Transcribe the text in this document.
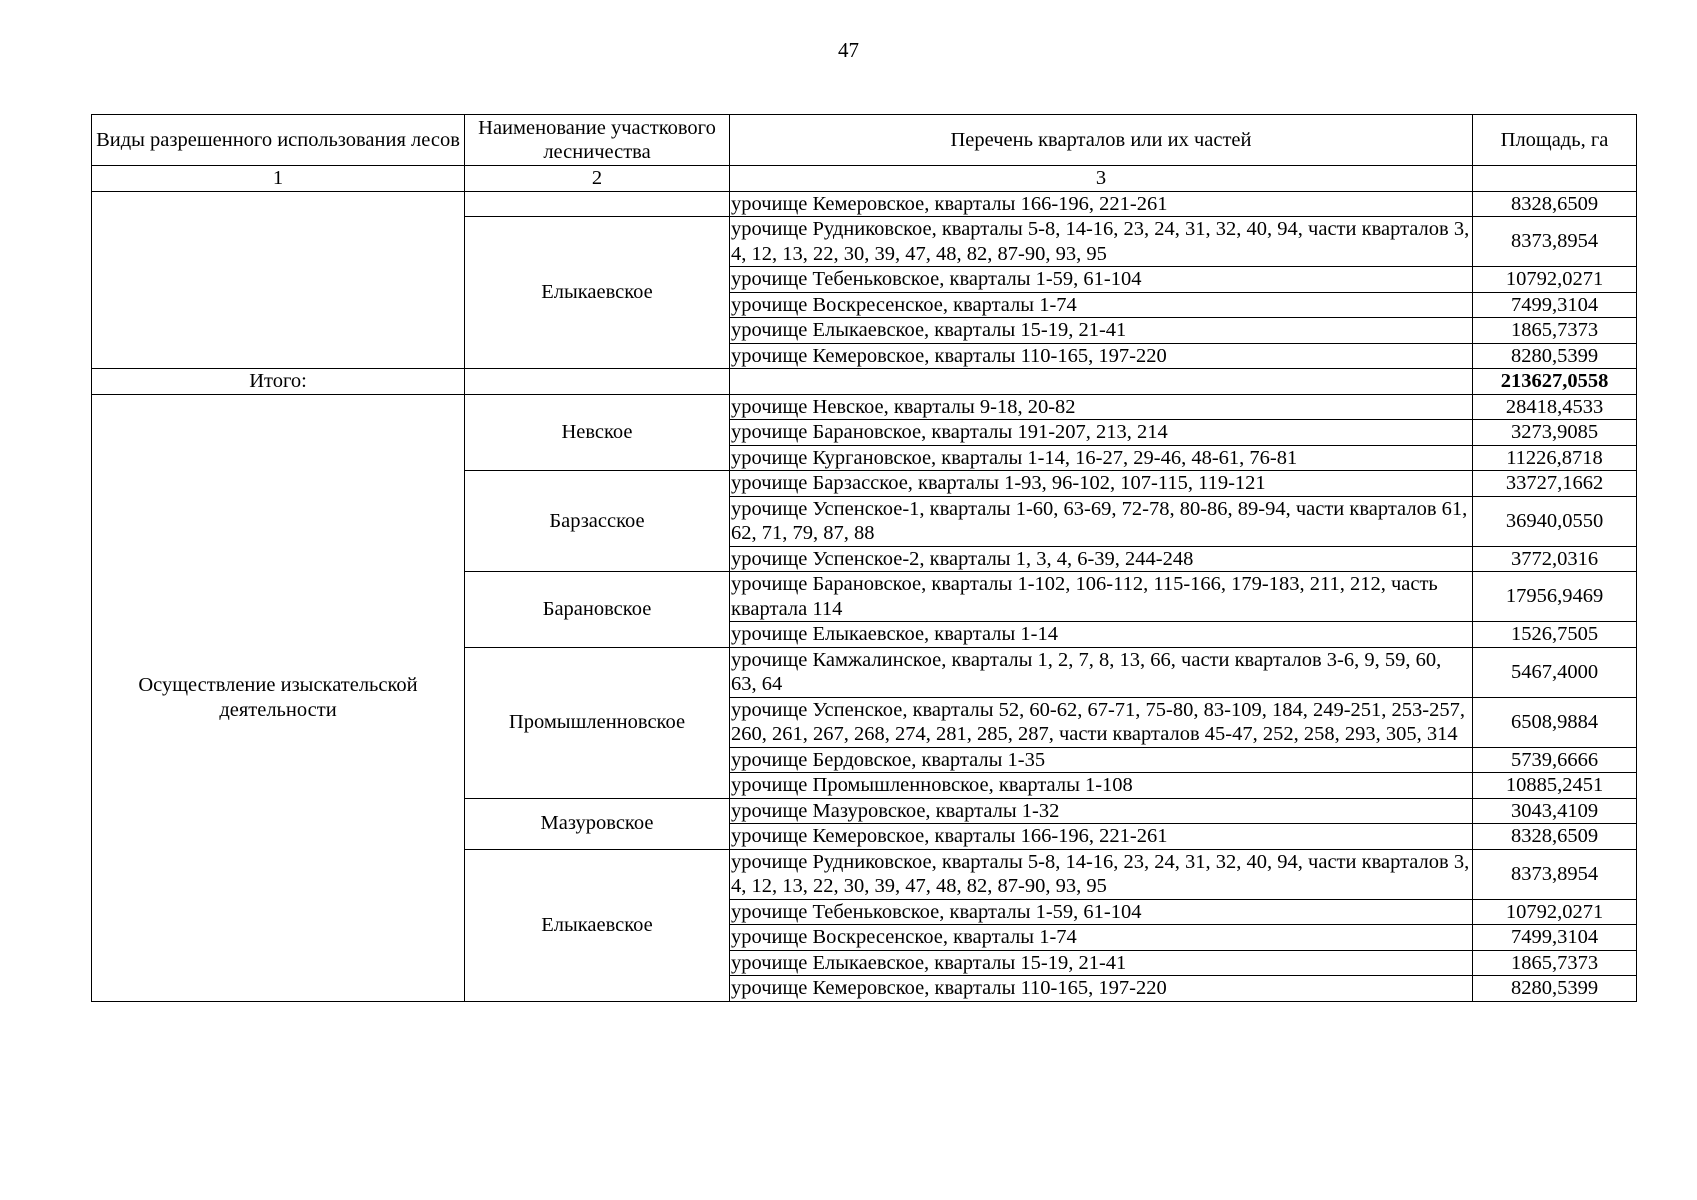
47
Виды разрешенного использования лесов	Наименование участкового лесничества	Перечень кварталов или их частей	Площадь, га
1	2	3	
		урочище Кемеровское, кварталы 166-196, 221-261	8328,6509
	Елыкаевское	урочище Рудниковское, кварталы 5-8, 14-16, 23, 24, 31, 32, 40, 94, части кварталов 3, 4, 12, 13, 22, 30, 39, 47, 48, 82, 87-90, 93, 95	8373,8954
		урочище Тебеньковское, кварталы 1-59, 61-104	10792,0271
		урочище Воскресенское, кварталы 1-74	7499,3104
		урочище Елыкаевское, кварталы 15-19, 21-41	1865,7373
		урочище Кемеровское, кварталы 110-165, 197-220	8280,5399
Итого:			213627,0558
Осуществление изыскательской деятельности	Невское	урочище Невское, кварталы 9-18, 20-82	28418,4533
		урочище Барановское, кварталы 191-207, 213, 214	3273,9085
		урочище Кургановское, кварталы 1-14, 16-27, 29-46, 48-61, 76-81	11226,8718
	Барзасское	урочище Барзасское, кварталы 1-93, 96-102, 107-115, 119-121	33727,1662
		урочище Успенское-1, кварталы 1-60, 63-69, 72-78, 80-86, 89-94, части кварталов 61, 62, 71, 79, 87, 88	36940,0550
		урочище Успенское-2, кварталы 1, 3, 4, 6-39, 244-248	3772,0316
	Барановское	урочище Барановское, кварталы 1-102, 106-112, 115-166, 179-183, 211, 212, часть квартала 114	17956,9469
		урочище Елыкаевское, кварталы 1-14	1526,7505
	Промышленновское	урочище Камжалинское, кварталы 1, 2, 7, 8, 13, 66, части кварталов 3-6, 9, 59, 60, 63, 64	5467,4000
		урочище Успенское, кварталы 52, 60-62, 67-71, 75-80, 83-109, 184, 249-251, 253-257, 260, 261, 267, 268, 274, 281, 285, 287, части кварталов 45-47, 252, 258, 293, 305, 314	6508,9884
		урочище Бердовское, кварталы 1-35	5739,6666
		урочище Промышленновское, кварталы 1-108	10885,2451
	Мазуровское	урочище Мазуровское, кварталы 1-32	3043,4109
		урочище Кемеровское, кварталы 166-196, 221-261	8328,6509
	Елыкаевское	урочище Рудниковское, кварталы 5-8, 14-16, 23, 24, 31, 32, 40, 94, части кварталов 3, 4, 12, 13, 22, 30, 39, 47, 48, 82, 87-90, 93, 95	8373,8954
		урочище Тебеньковское, кварталы 1-59, 61-104	10792,0271
		урочище Воскресенское, кварталы 1-74	7499,3104
		урочище Елыкаевское, кварталы 15-19, 21-41	1865,7373
		урочище Кемеровское, кварталы 110-165, 197-220	8280,5399
